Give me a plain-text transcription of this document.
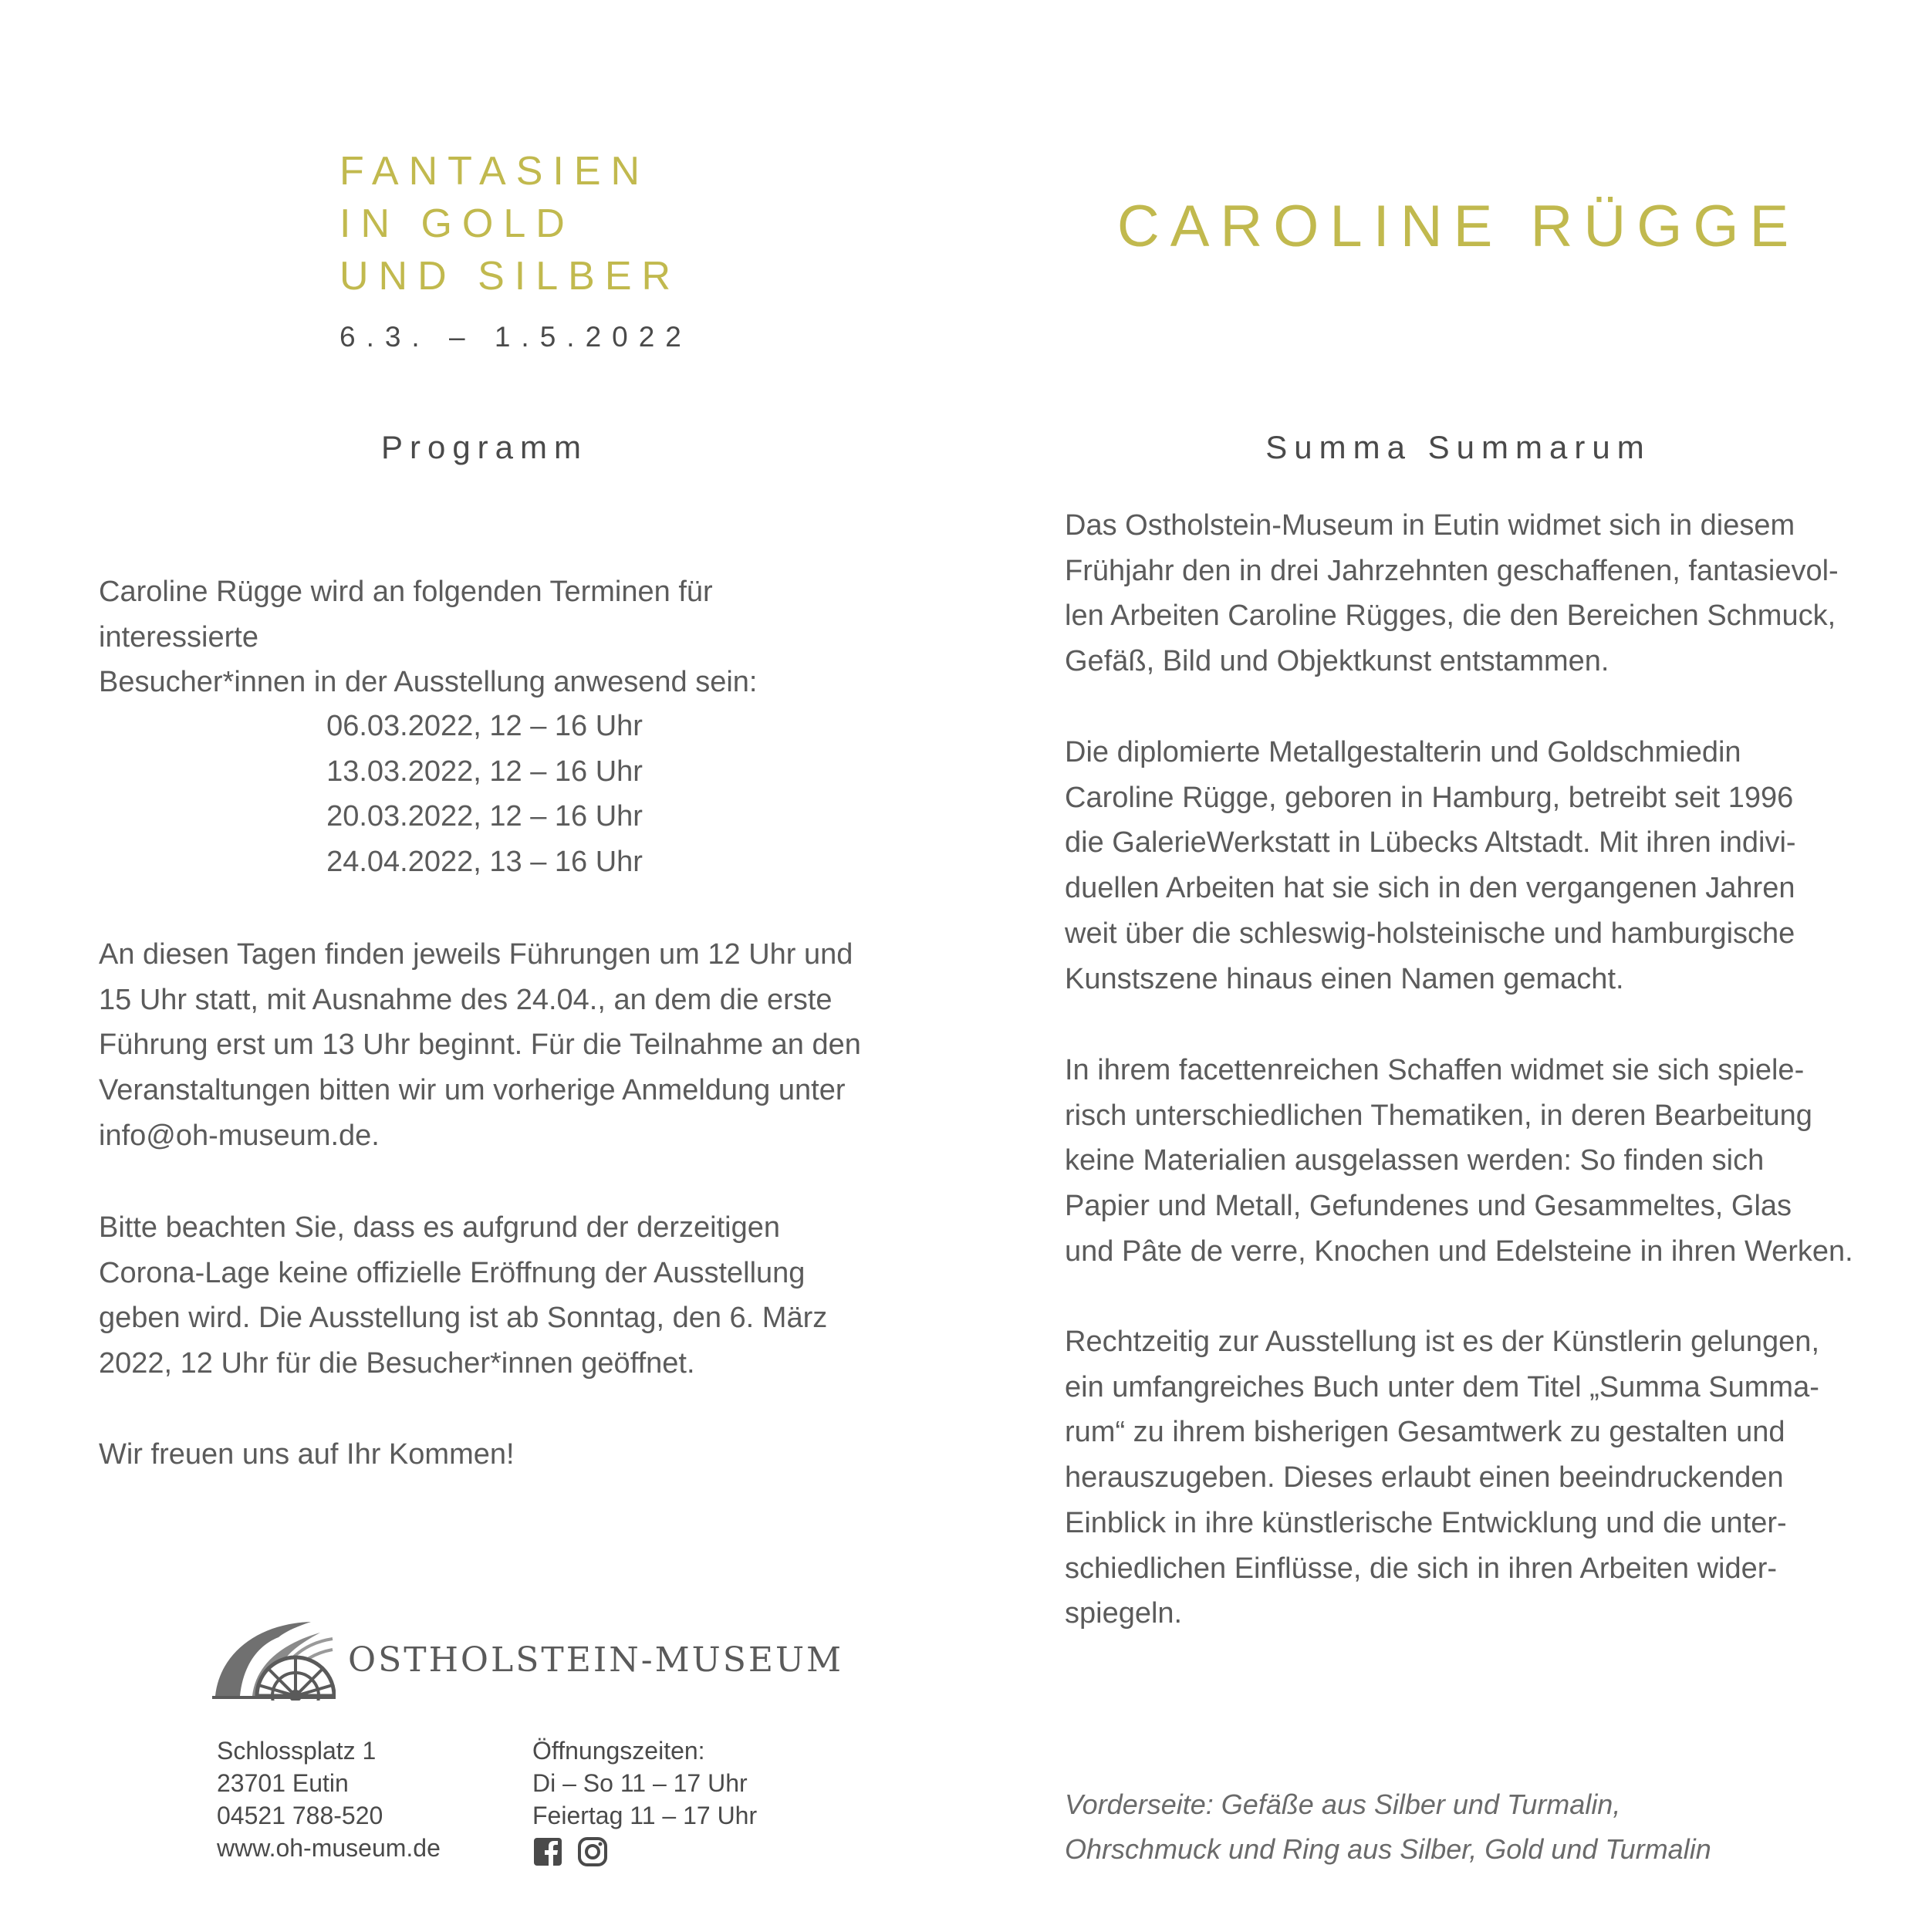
FANTASIEN
IN GOLD
UND SILBER
6.3. – 1.5.2022
CAROLINE RÜGGE
Programm	Summa Summarum

Caroline Rügge wird an folgenden Terminen für interessierte
Besucher*innen in der Ausstellung anwesend sein:

06.03.2022, 12 – 16 Uhr
13.03.2022, 12 – 16 Uhr
20.03.2022, 12 – 16 Uhr
24.04.2022, 13 – 16 Uhr

An diesen Tagen finden jeweils Führungen um 12 Uhr und
15 Uhr statt, mit Ausnahme des 24.04., an dem die erste
Führung erst um 13 Uhr beginnt. Für die Teilnahme an den
Veranstaltungen bitten wir um vorherige Anmeldung unter
info@oh-museum.de.

Bitte beachten Sie, dass es aufgrund der derzeitigen
Corona-Lage keine offizielle Eröffnung der Ausstellung
geben wird. Die Ausstellung ist ab Sonntag, den 6. März
2022, 12 Uhr für die Besucher*innen geöffnet.

Wir freuen uns auf Ihr Kommen!

OSTHOLSTEIN-MUSEUM
Schlossplatz 1
23701 Eutin
04521 788-520
www.oh-museum.de
Öffnungszeiten:
Di – So 11 – 17 Uhr
Feiertag 11 – 17 Uhr

Das Ostholstein-Museum in Eutin widmet sich in diesem
Frühjahr den in drei Jahrzehnten geschaffenen, fantasievol-
len Arbeiten Caroline Rügges, die den Bereichen Schmuck,
Gefäß, Bild und Objektkunst entstammen.

Die diplomierte Metallgestalterin und Goldschmiedin
Caroline Rügge, geboren in Hamburg, betreibt seit 1996
die GalerieWerkstatt in Lübecks Altstadt. Mit ihren indivi-
duellen Arbeiten hat sie sich in den vergangenen Jahren
weit über die schleswig-holsteinische und hamburgische
Kunstszene hinaus einen Namen gemacht.

In ihrem facettenreichen Schaffen widmet sie sich spiele-
risch unterschiedlichen Thematiken, in deren Bearbeitung
keine Materialien ausgelassen werden: So finden sich
Papier und Metall, Gefundenes und Gesammeltes, Glas
und Pâte de verre, Knochen und Edelsteine in ihren Werken.

Rechtzeitig zur Ausstellung ist es der Künstlerin gelungen,
ein umfangreiches Buch unter dem Titel „Summa Summa-
rum“ zu ihrem bisherigen Gesamtwerk zu gestalten und
herauszugeben. Dieses erlaubt einen beeindruckenden
Einblick in ihre künstlerische Entwicklung und die unter-
schiedlichen Einflüsse, die sich in ihren Arbeiten wider-
spiegeln.

Vorderseite: Gefäße aus Silber und Turmalin,
Ohrschmuck und Ring aus Silber, Gold und Turmalin
